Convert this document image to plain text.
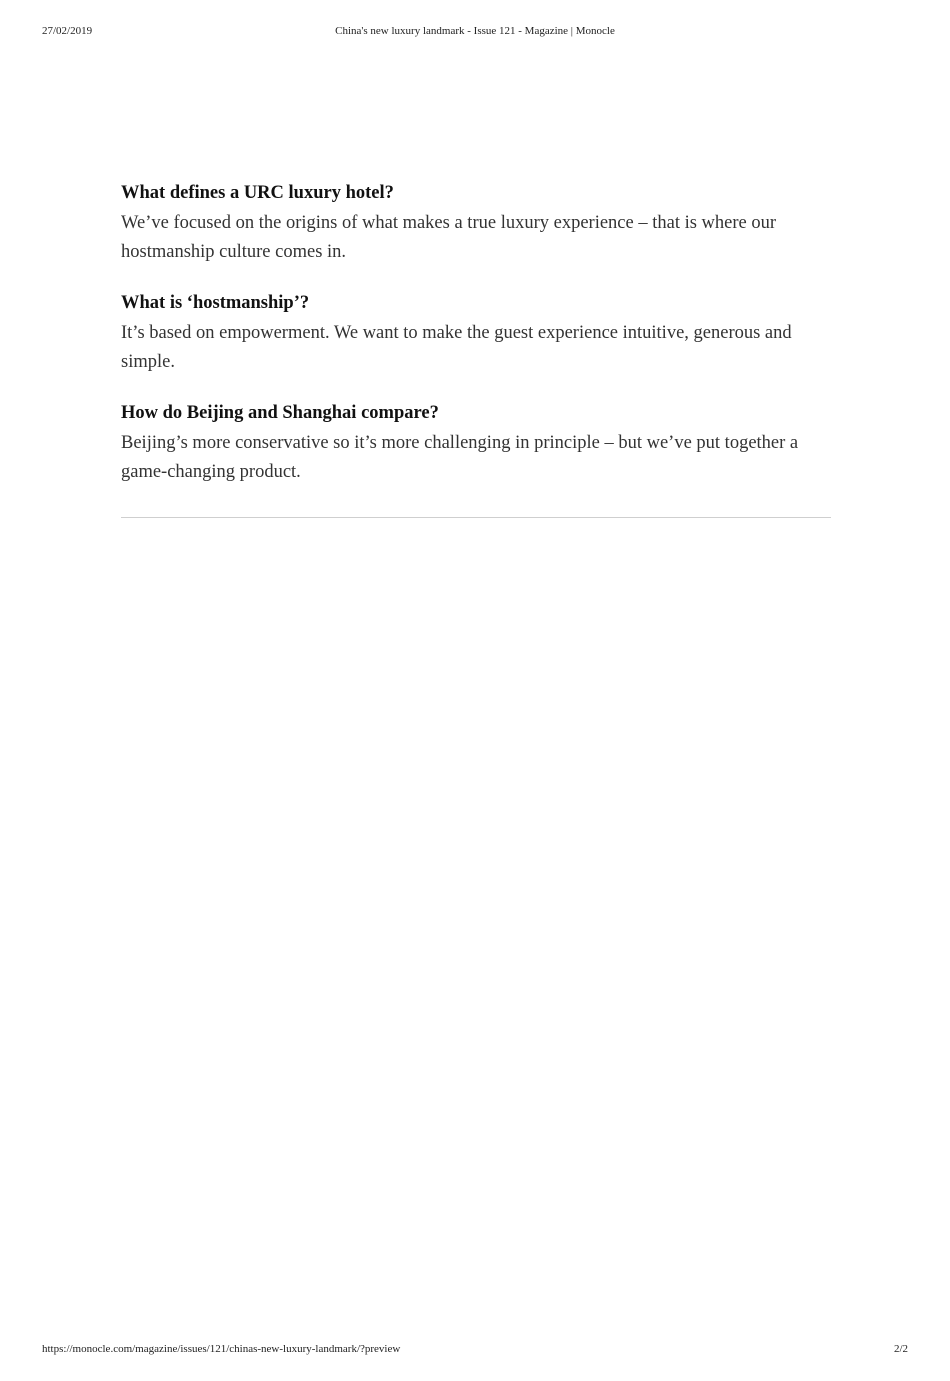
27/02/2019	China's new luxury landmark - Issue 121 - Magazine | Monocle

What defines a URC luxury hotel?

We’ve focused on the origins of what makes a true luxury experience – that is where our hostmanship culture comes in.

What is ‘hostmanship’?

It’s based on empowerment. We want to make the guest experience intuitive, generous and simple.

How do Beijing and Shanghai compare?

Beijing’s more conservative so it’s more challenging in principle – but we’ve put together a game-changing product.

https://monocle.com/magazine/issues/121/chinas-new-luxury-landmark/?preview	2/2
